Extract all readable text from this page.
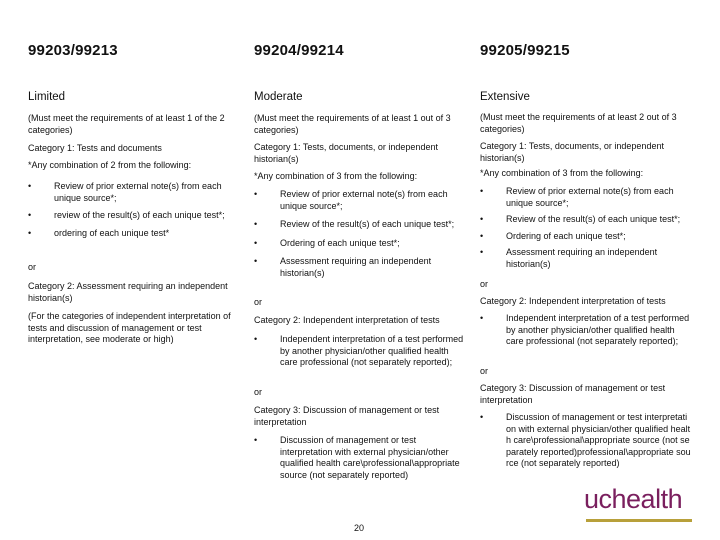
99203/99213
Limited
(Must meet the requirements of at least 1 of the 2 categories)
Category 1: Tests and documents
*Any combination of 2 from the following:
• Review of prior external note(s) from each unique source*;
• review of the result(s) of each unique test*;
• ordering of each unique test*
or
Category 2: Assessment requiring an independent historian(s)
(For the categories of independent interpretation of tests and discussion of management or test interpretation, see moderate or high)
99204/99214
Moderate
(Must meet the requirements of at least 1 out of 3 categories)
Category 1: Tests, documents, or independent historian(s)
*Any combination of 3 from the following:
• Review of prior external note(s) from each unique source*;
• Review of the result(s) of each unique test*;
• Ordering of each unique test*;
• Assessment requiring an independent historian(s)
or
Category 2: Independent interpretation of tests
• Independent interpretation of a test performed by another physician/other qualified health care professional (not separately reported);
or
Category 3: Discussion of management or test interpretation
• Discussion of management or test interpretation with external physician/other qualified health care\professional\appropriate source (not separately reported)
99205/99215
Extensive
(Must meet the requirements of at least 2 out of 3 categories)
Category 1: Tests, documents, or independent historian(s)
*Any combination of 3 from the following:
• Review of prior external note(s) from each unique source*;
• Review of the result(s) of each unique test*;
• Ordering of each unique test*;
• Assessment requiring an independent historian(s)
or
Category 2: Independent interpretation of tests
• Independent interpretation of a test performed by another physician/other qualified health care professional (not separately reported);
or
Category 3: Discussion of management or test interpretation
• Discussion of management or test interpretation with external physician/other qualified health care\professional\appropriate source (not separately reported)professional\appropriate source (not separately reported)
20
uchealth
